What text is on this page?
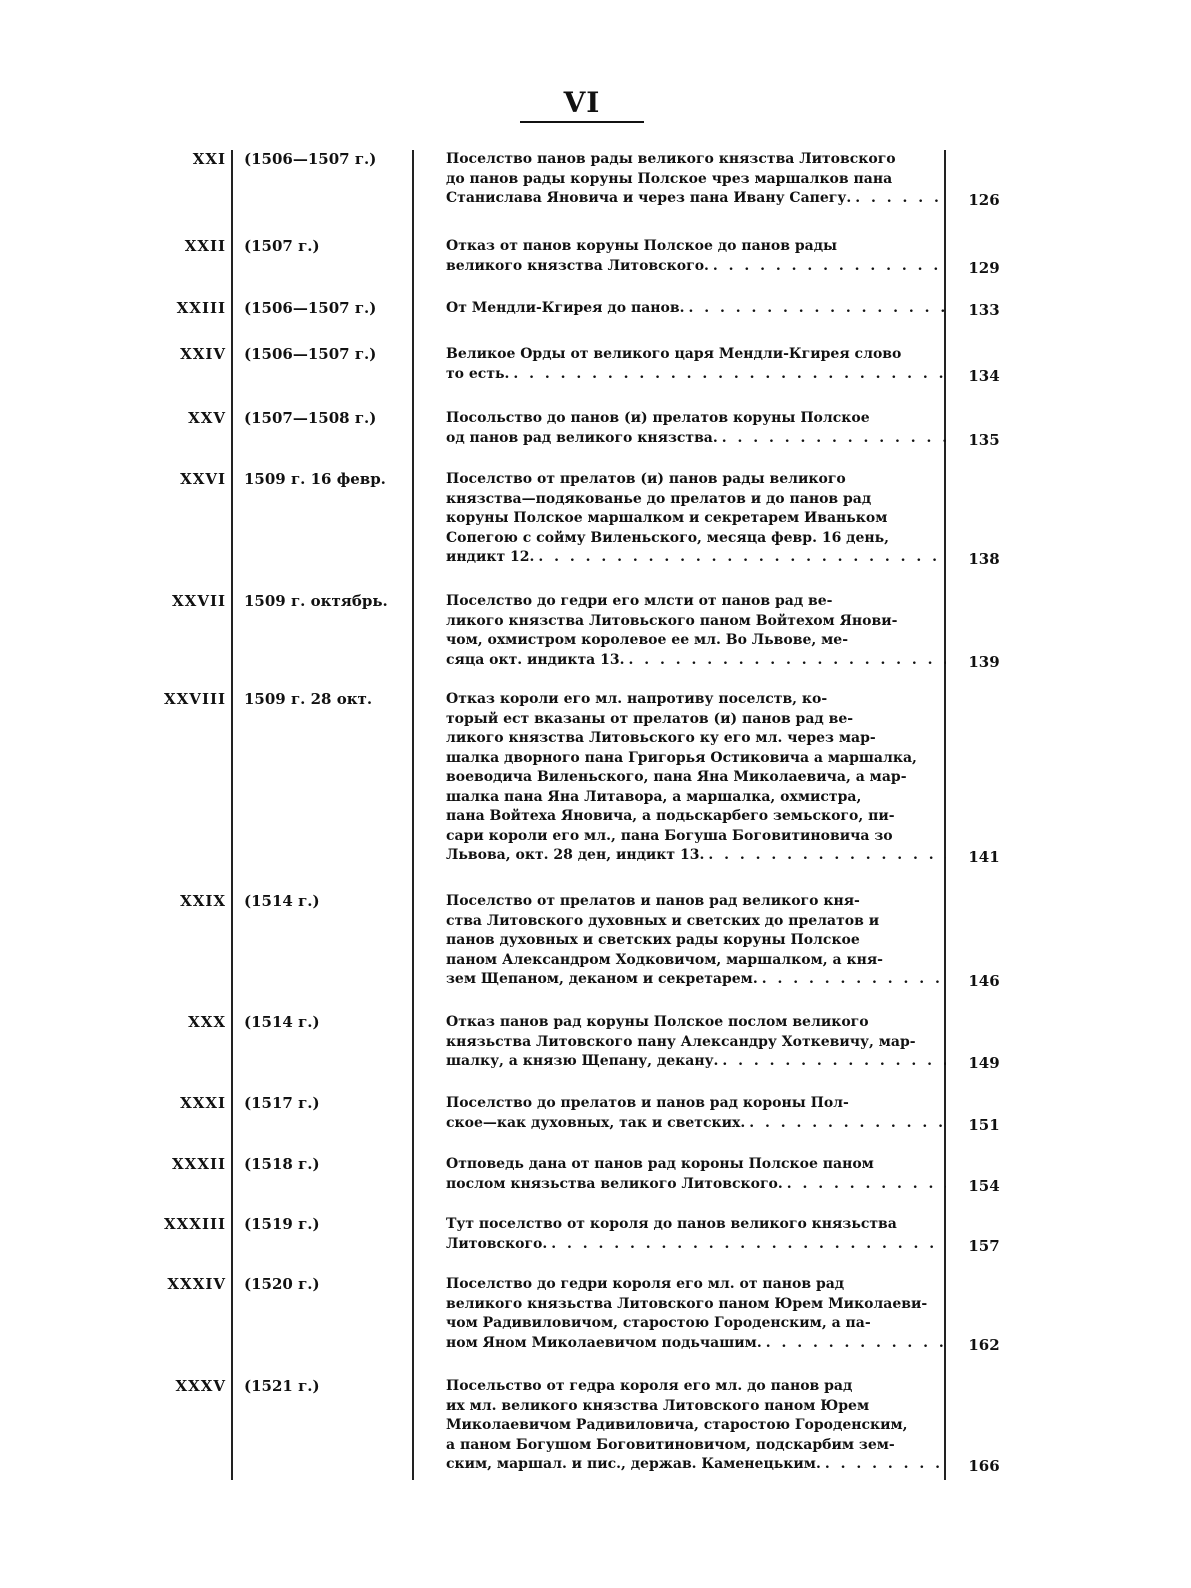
VI
XXI (1506—1507 г.)	Поселство панов рады великого князства Литовского
до панов рады коруны Полское чрез маршалков пана
Станислава Яновича и через пана Ивану Сапегу. . . .	126
XXII (1507 г.)	Отказ от панов коруны Полское до панов рады
великого князства Литовского. . . .	129
XXIII (1506—1507 г.)	От Мендли-Кгирея до панов. . . .	133
XXIV (1506—1507 г.)	Великое Орды от великого царя Мендли-Кгирея слово
то есть. . . .	134
XXV (1507—1508 г.)	Посольство до панов (и) прелатов коруны Полское
од панов рад великого князства. . . .	135
XXVI 1509 г. 16 февр.	Поселство от прелатов (и) панов рады великого
князства—подякованье до прелатов и до панов рад
коруны Полское маршалком и секретарем Иваньком
Сопегою с сойму Виленьского, месяца февр. 16 день,
индикт 12. . . .	138
XXVII 1509 г. октябрь.	Поселство до гедри его млсти от панов рад ве-
ликого князства Литовьского паном Войтехом Янови-
чом, охмистром королевое ее мл. Во Львове, ме-
сяца окт. индикта 13. . . .	139
XXVIII 1509 г. 28 окт.	Отказ короли его мл. напротиву поселств, ко-
торый ест вказаны от прелатов (и) панов рад ве-
ликого князства Литовьского ку его мл. через мар-
шалка дворного пана Григорья Остиковича а маршалка,
воеводича Виленьского, пана Яна Миколаевича, а мар-
шалка пана Яна Литавора, а маршалка, охмистра,
пана Войтеха Яновича, а подьскарбего земьского, пи-
сари короли его мл., пана Богуша Боговитиновича зо
Львова, окт. 28 ден, индикт 13. . . .	141
XXIX (1514 г.)	Поселство от прелатов и панов рад великого кня-
ства Литовского духовных и светских до прелатов и
панов духовных и светских рады коруны Полское
паном Александром Ходковичом, маршалком, а кня-
зем Щепаном, деканом и секретарем. . . .	146
XXX (1514 г.)	Отказ панов рад коруны Полское послом великого
князьства Литовского пану Александру Хоткевичу, мар-
шалку, а князю Щепану, декану. . . .	149
XXXI (1517 г.)	Поселство до прелатов и панов рад короны Пол-
ское—как духовных, так и светских. . . .	151
XXXII (1518 г.)	Отповедь дана от панов рад короны Полское паном
послом князьства великого Литовского. . . .	154
XXXIII (1519 г.)	Тут поселство от короля до панов великого князьства
Литовского. . . .	157
XXXIV (1520 г.)	Поселство до гедри короля его мл. от панов рад
великого князьства Литовского паном Юрем Миколаеви-
чом Радивиловичом, старостою Городенским, а па-
ном Яном Миколаевичом подьчашим. . . .	162
XXXV (1521 г.)	Посельство от гедра короля его мл. до панов рад
их мл. великого князства Литовского паном Юрем
Миколаевичом Радивиловича, старостою Городенским,
а паном Богушом Боговитиновичом, подскарбим зем-
ским, маршал. и пис., держав. Каменецьким. . . .	166
